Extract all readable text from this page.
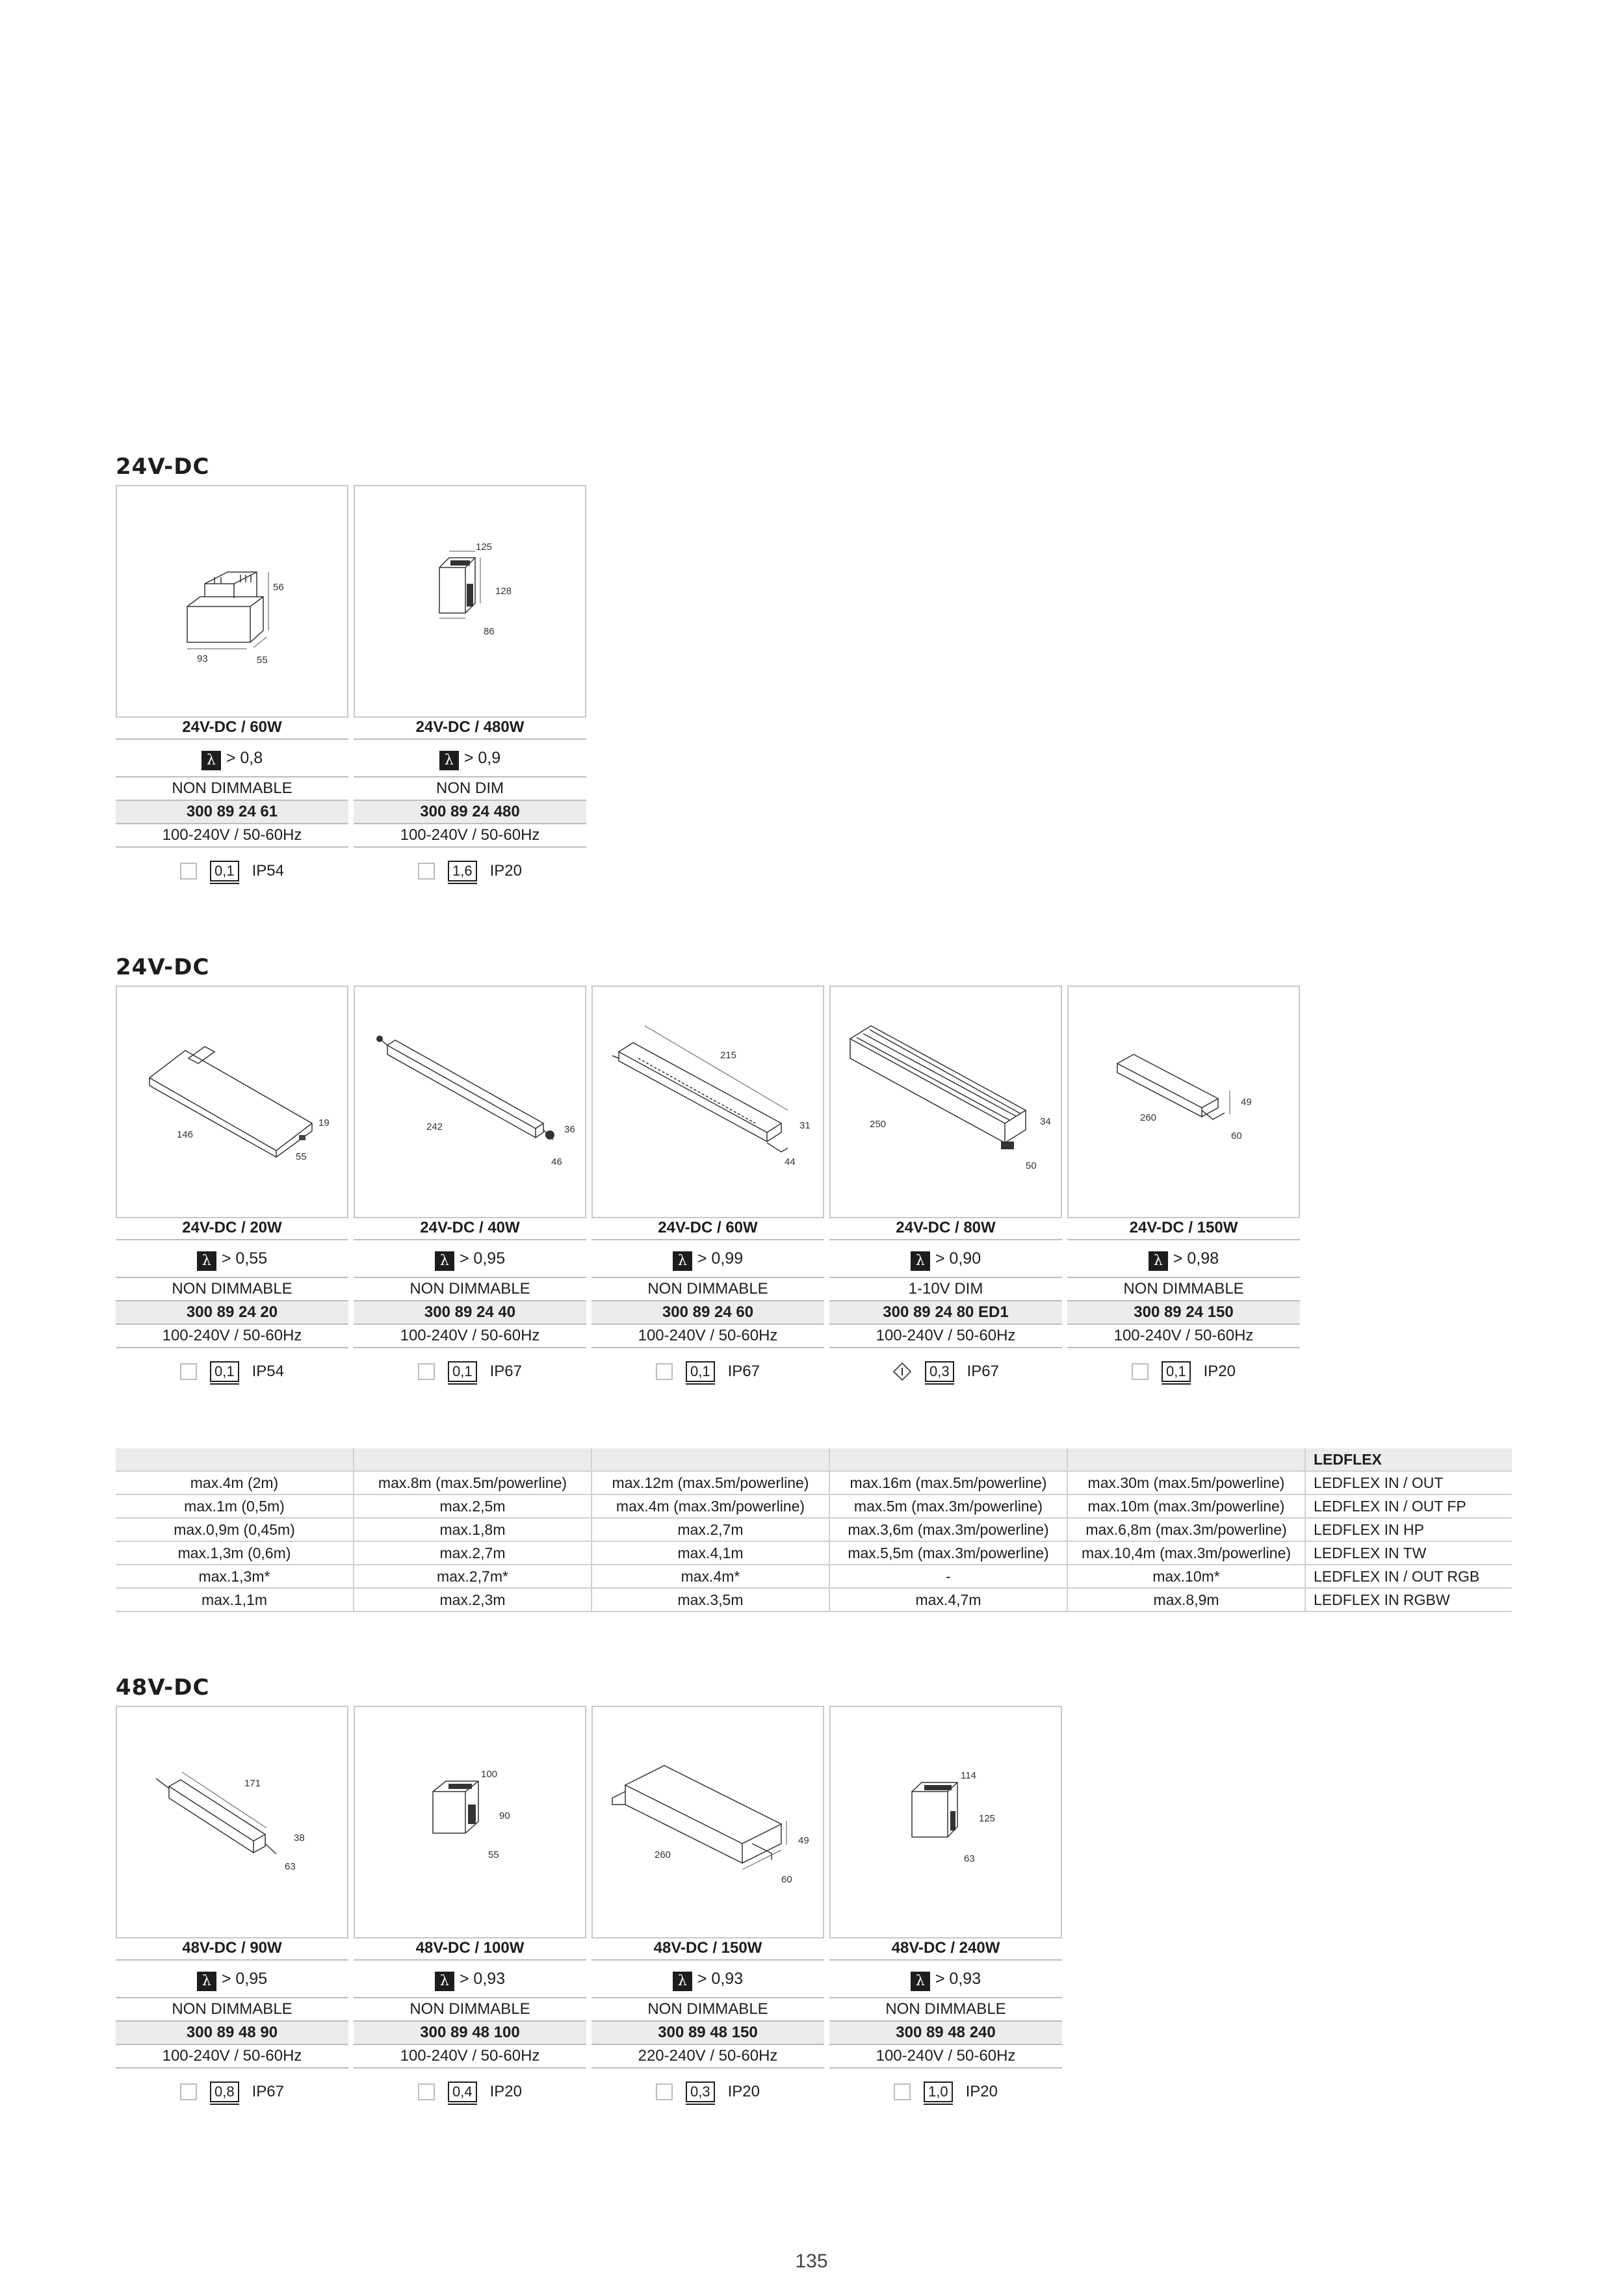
24V-DC
24V-DC
48V-DC
56
93	55
24V-DC / 60W
λ > 0,8
NON DIMMABLE
300 89 24 61
100-240V / 50-60Hz
0,1 IP54
125
128
86
24V-DC / 480W
λ > 0,9
NON DIM
300 89 24 480
100-240V / 50-60Hz
1,6 IP20
19
146
55
24V-DC / 20W
λ > 0,55
NON DIMMABLE
300 89 24 20
100-240V / 50-60Hz
0,1 IP54
242	36
46
24V-DC / 40W
λ > 0,95
NON DIMMABLE
300 89 24 40
100-240V / 50-60Hz
0,1 IP67
215
31
44
24V-DC / 60W
λ > 0,99
NON DIMMABLE
300 89 24 60
100-240V / 50-60Hz
0,1 IP67
250	34
50
24V-DC / 80W
λ > 0,90
1-10V DIM
300 89 24 80 ED1
100-240V / 50-60Hz
0,3 IP67
49
260
60
24V-DC / 150W
λ > 0,98
NON DIMMABLE
300 89 24 150
100-240V / 50-60Hz
0,1 IP20
					LEDFLEX
max.4m (2m)	max.8m (max.5m/powerline)	max.12m (max.5m/powerline)	max.16m (max.5m/powerline)	max.30m (max.5m/powerline)	LEDFLEX IN / OUT
max.1m (0,5m)	max.2,5m	max.4m (max.3m/powerline)	max.5m (max.3m/powerline)	max.10m (max.3m/powerline)	LEDFLEX IN / OUT FP
max.0,9m (0,45m)	max.1,8m	max.2,7m	max.3,6m (max.3m/powerline)	max.6,8m (max.3m/powerline)	LEDFLEX IN HP
max.1,3m (0,6m)	max.2,7m	max.4,1m	max.5,5m (max.3m/powerline)	max.10,4m (max.3m/powerline)	LEDFLEX IN TW
max.1,3m*	max.2,7m*	max.4m*	-	max.10m*	LEDFLEX IN / OUT RGB
max.1,1m	max.2,3m	max.3,5m	max.4,7m	max.8,9m	LEDFLEX IN RGBW
171
38
63
48V-DC / 90W
λ > 0,95
NON DIMMABLE
300 89 48 90
100-240V / 50-60Hz
0,8 IP67
100
90
55
48V-DC / 100W
λ > 0,93
NON DIMMABLE
300 89 48 100
100-240V / 50-60Hz
0,4 IP20
49
260
60
48V-DC / 150W
λ > 0,93
NON DIMMABLE
300 89 48 150
220-240V / 50-60Hz
0,3 IP20
114
125
63
48V-DC / 240W
λ > 0,93
NON DIMMABLE
300 89 48 240
100-240V / 50-60Hz
1,0 IP20
135
